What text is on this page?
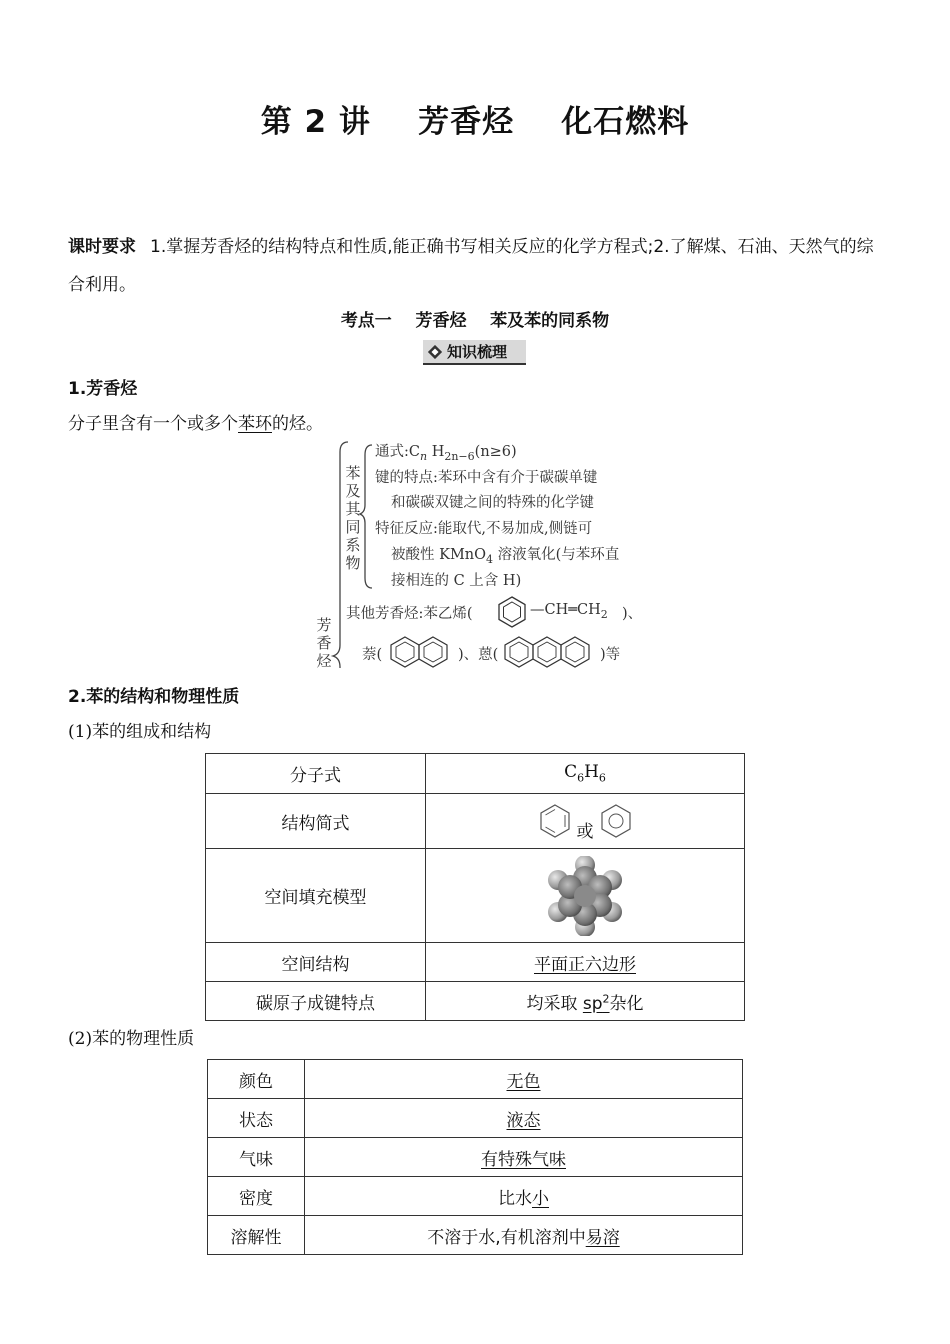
第 2 讲    芳香烃    化石燃料
课时要求 1.掌握芳香烃的结构特点和性质,能正确书写相关反应的化学方程式;2.了解煤、石油、天然气的综合利用。
考点一    芳香烃    苯及苯的同系物
知识梳理
1.芳香烃
分子里含有一个或多个苯环的烃。
苯及其同系物
芳香烃
通式$:C_n$ $H_{2n-6}(n\ge 6)$
键的特点:苯环中含有介于碳碳单键
和碳碳双键之间的特殊的化学键
特征反应:能取代,不易加成,侧链可
被酸性 KMnO$_4$ 溶液氧化(与苯环直
接相连的 C 上含 H)
其他芳香烃:苯乙烯(	$—CH═CH_2$ )、
萘(	)、蒽(	)等
2.苯的结构和物理性质
(1)苯的组成和结构
分子式	$C_6H_6$
结构简式	或

空间填充模型	

空间结构	平面正六边形
碳原子成键特点	均采取 $sp^2$杂化
(2)苯的物理性质
颜色	无色
状态	液态
气味	有特殊气味
密度	比水小
溶解性	不溶于水,有机溶剂中易溶
